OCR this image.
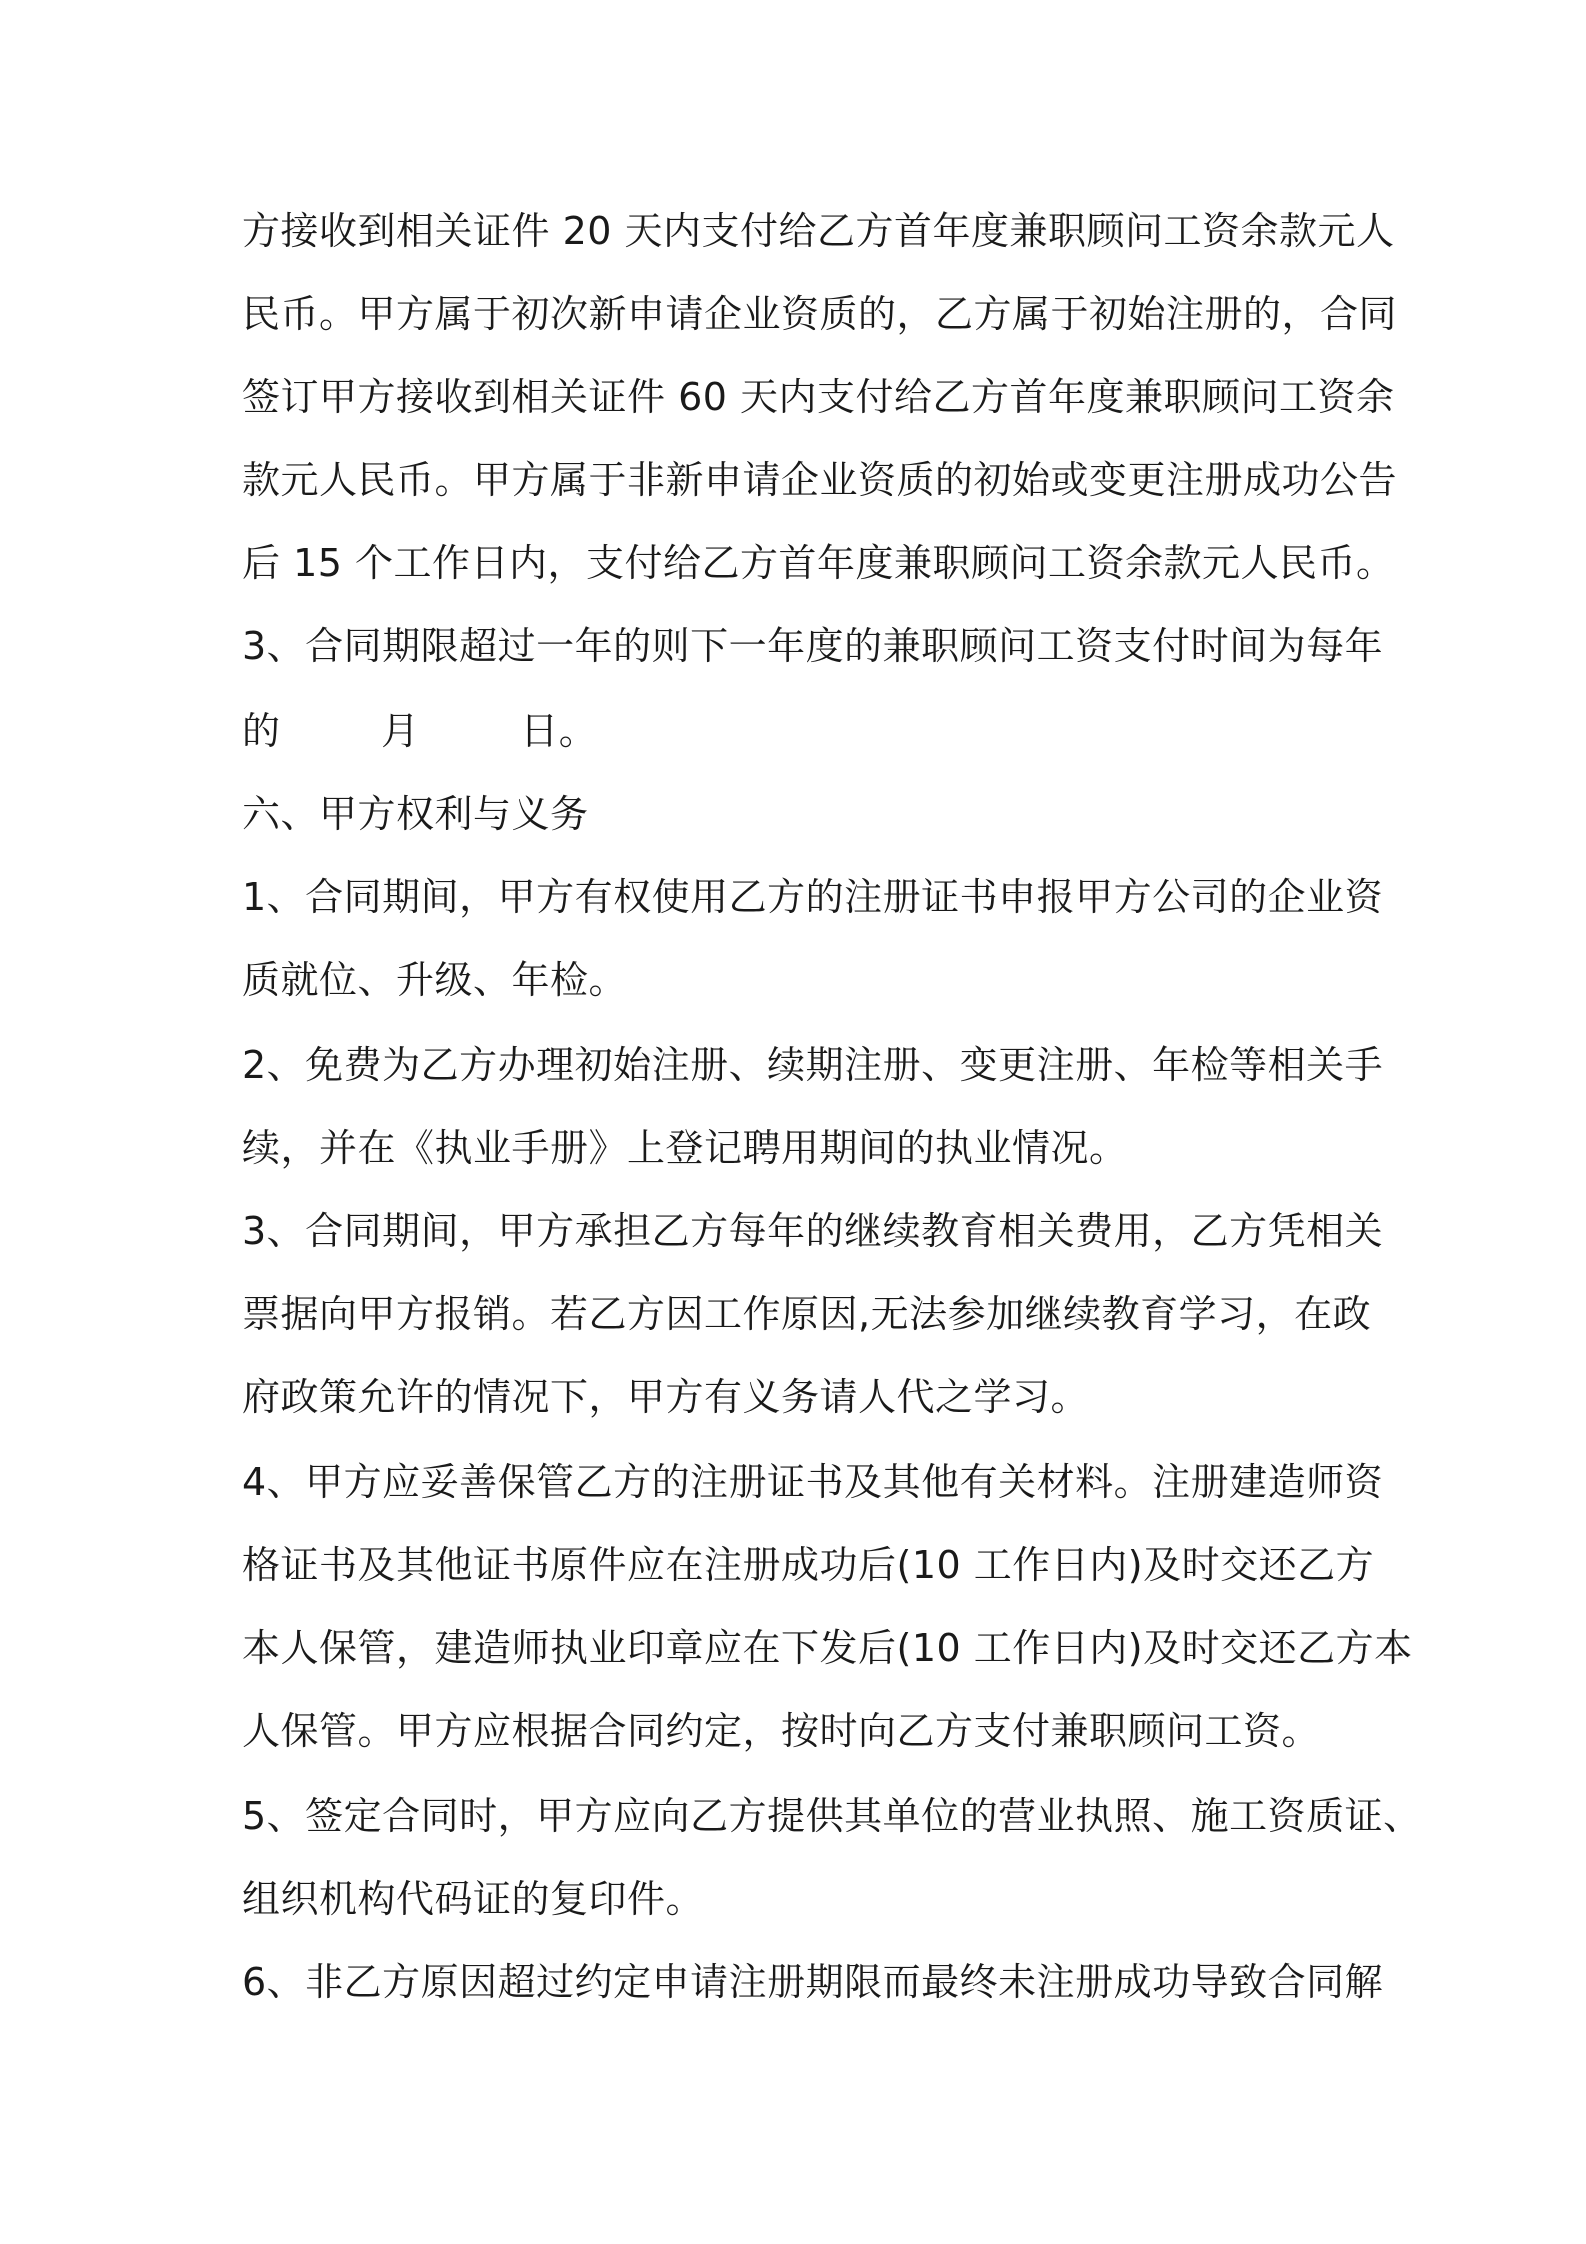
方接收到相关证件 20 天内支付给乙方首年度兼职顾问工资余款元人
民币。甲方属于初次新申请企业资质的，乙方属于初始注册的，合同
签订甲方接收到相关证件 60 天内支付给乙方首年度兼职顾问工资余
款元人民币。甲方属于非新申请企业资质的初始或变更注册成功公告
后 15 个工作日内，支付给乙方首年度兼职顾问工资余款元人民币。
3、合同期限超过一年的则下一年度的兼职顾问工资支付时间为每年
的        月        日。
六、甲方权利与义务
1、合同期间，甲方有权使用乙方的注册证书申报甲方公司的企业资
质就位、升级、年检。
2、免费为乙方办理初始注册、续期注册、变更注册、年检等相关手
续，并在《执业手册》上登记聘用期间的执业情况。
3、合同期间，甲方承担乙方每年的继续教育相关费用，乙方凭相关
票据向甲方报销。若乙方因工作原因,无法参加继续教育学习，在政
府政策允许的情况下，甲方有义务请人代之学习。
4、甲方应妥善保管乙方的注册证书及其他有关材料。注册建造师资
格证书及其他证书原件应在注册成功后(10 工作日内)及时交还乙方
本人保管，建造师执业印章应在下发后(10 工作日内)及时交还乙方本
人保管。甲方应根据合同约定，按时向乙方支付兼职顾问工资。
5、签定合同时，甲方应向乙方提供其单位的营业执照、施工资质证、
组织机构代码证的复印件。
6、非乙方原因超过约定申请注册期限而最终未注册成功导致合同解
